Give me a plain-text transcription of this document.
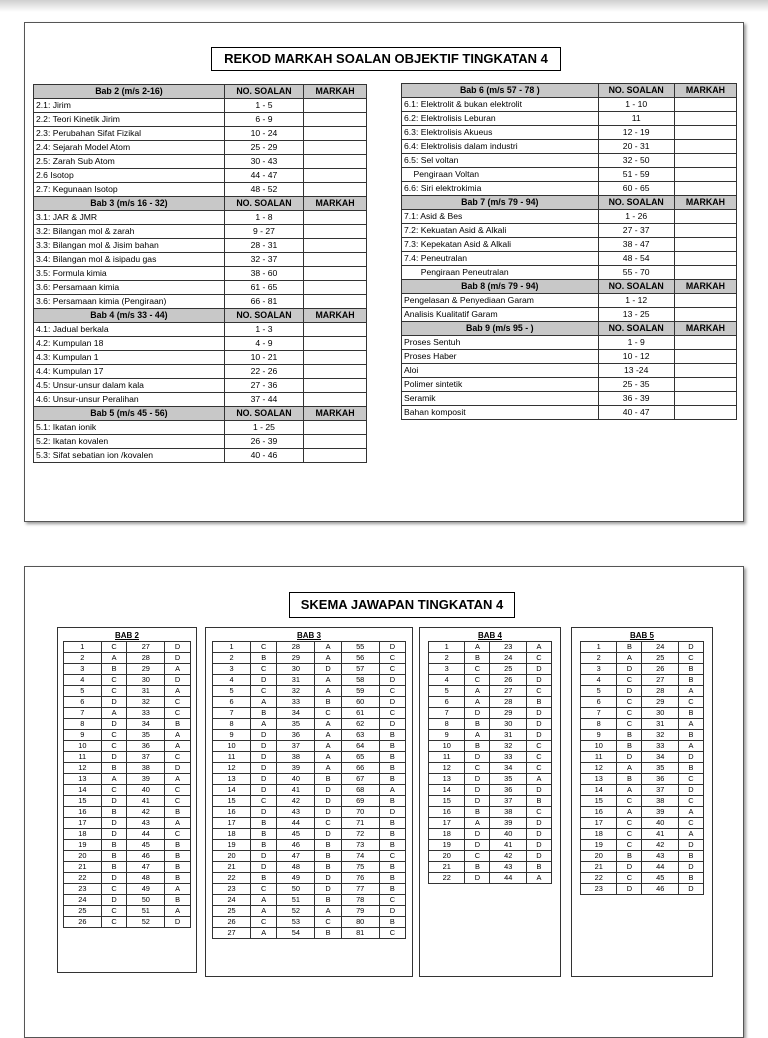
REKOD MARKAH SOALAN OBJEKTIF TINGKATAN 4
Bab 2 (m/s 2-16)	NO. SOALAN	MARKAH
2.1: Jirim	1 - 5	
2.2: Teori Kinetik Jirim	6 - 9	
2.3: Perubahan Sifat Fizikal	10 - 24	
2.4: Sejarah Model Atom	25 - 29	
2.5: Zarah Sub Atom	30 - 43	
2.6 Isotop	44 - 47	
2.7: Kegunaan Isotop	48 - 52	
Bab 3 (m/s 16 - 32)	NO. SOALAN	MARKAH
3.1: JAR & JMR	1 - 8	
3.2: Bilangan mol & zarah	9 - 27	
3.3: Bilangan mol & Jisim bahan	28 - 31	
3.4: Bilangan mol & isipadu gas	32 - 37	
3.5: Formula kimia	38 - 60	
3.6: Persamaan kimia	61 - 65	
3.6: Persamaan kimia (Pengiraan)	66 - 81	
Bab 4 (m/s 33 - 44)	NO. SOALAN	MARKAH
4.1: Jadual berkala	1 - 3	
4.2: Kumpulan 18	4 - 9	
4.3: Kumpulan 1	10 - 21	
4.4: Kumpulan 17	22 - 26	
4.5: Unsur-unsur dalam kala	27 - 36	
4.6: Unsur-unsur Peralihan	37 - 44	
Bab 5 (m/s 45 - 56)	NO. SOALAN	MARKAH
5.1: Ikatan ionik	1 - 25	
5.2: Ikatan kovalen	26 - 39	
5.3: Sifat sebatian ion /kovalen	40 - 46	
Bab 6 (m/s 57 - 78 )	NO. SOALAN	MARKAH
6.1: Elektrolit & bukan elektrolit	1 - 10	
6.2: Elektrolisis Leburan	11	
6.3: Elektrolisis Akueus	12 - 19	
6.4: Elektrolisis dalam industri	20 - 31	
6.5: Sel voltan	32 - 50	
Pengiraan Voltan	51 - 59	
6.6: Siri elektrokimia	60 - 65	
Bab 7 (m/s 79 - 94)	NO. SOALAN	MARKAH
7.1: Asid & Bes	1 - 26	
7.2: Kekuatan Asid & Alkali	27 - 37	
7.3: Kepekatan Asid & Alkali	38 - 47	
7.4: Peneutralan	48 - 54	
Pengiraan Peneutralan	55 - 70	
Bab 8 (m/s 79 - 94)	NO. SOALAN	MARKAH
Pengelasan & Penyediaan Garam	1 - 12	
Analisis Kualitatif Garam	13 - 25	
Bab 9 (m/s 95 - )	NO. SOALAN	MARKAH
Proses Sentuh	1 - 9	
Proses Haber	10 - 12	
Aloi	13 -24	
Polimer sintetik	25 - 35	
Seramik	36 - 39	
Bahan komposit	40 - 47	
SKEMA JAWAPAN TINGKATAN 4
BAB 2
1	C	27	D
2	A	28	D
3	B	29	A
4	C	30	D
5	C	31	A
6	D	32	C
7	A	33	C
8	D	34	B
9	C	35	A
10	C	36	A
11	D	37	C
12	B	38	D
13	A	39	A
14	C	40	C
15	D	41	C
16	B	42	B
17	D	43	A
18	D	44	C
19	B	45	B
20	B	46	B
21	B	47	B
22	D	48	B
23	C	49	A
24	D	50	B
25	C	51	A
26	C	52	D
BAB 3
1	C	28	A	55	D
2	B	29	A	56	C
3	C	30	D	57	C
4	D	31	A	58	D
5	C	32	A	59	C
6	A	33	B	60	D
7	B	34	C	61	C
8	A	35	A	62	D
9	D	36	A	63	B
10	D	37	A	64	B
11	D	38	A	65	B
12	D	39	A	66	B
13	D	40	B	67	B
14	D	41	D	68	A
15	C	42	D	69	B
16	D	43	D	70	D
17	B	44	C	71	B
18	B	45	D	72	B
19	B	46	B	73	B
20	D	47	B	74	C
21	D	48	B	75	B
22	B	49	D	76	B
23	C	50	D	77	B
24	A	51	B	78	C
25	A	52	A	79	D
26	C	53	C	80	B
27	A	54	B	81	C
BAB 4
1	A	23	A
2	B	24	C
3	C	25	D
4	C	26	D
5	A	27	C
6	A	28	B
7	D	29	D
8	B	30	D
9	A	31	D
10	B	32	C
11	D	33	C
12	C	34	C
13	D	35	A
14	D	36	D
15	D	37	B
16	B	38	C
17	A	39	D
18	D	40	D
19	D	41	D
20	C	42	D
21	B	43	B
22	D	44	A
BAB 5
1	B	24	D
2	A	25	C
3	D	26	B
4	C	27	B
5	D	28	A
6	C	29	C
7	C	30	B
8	C	31	A
9	B	32	B
10	B	33	A
11	D	34	D
12	A	35	B
13	B	36	C
14	A	37	D
15	C	38	C
16	A	39	A
17	C	40	C
18	C	41	A
19	C	42	D
20	B	43	B
21	D	44	D
22	C	45	B
23	D	46	D
